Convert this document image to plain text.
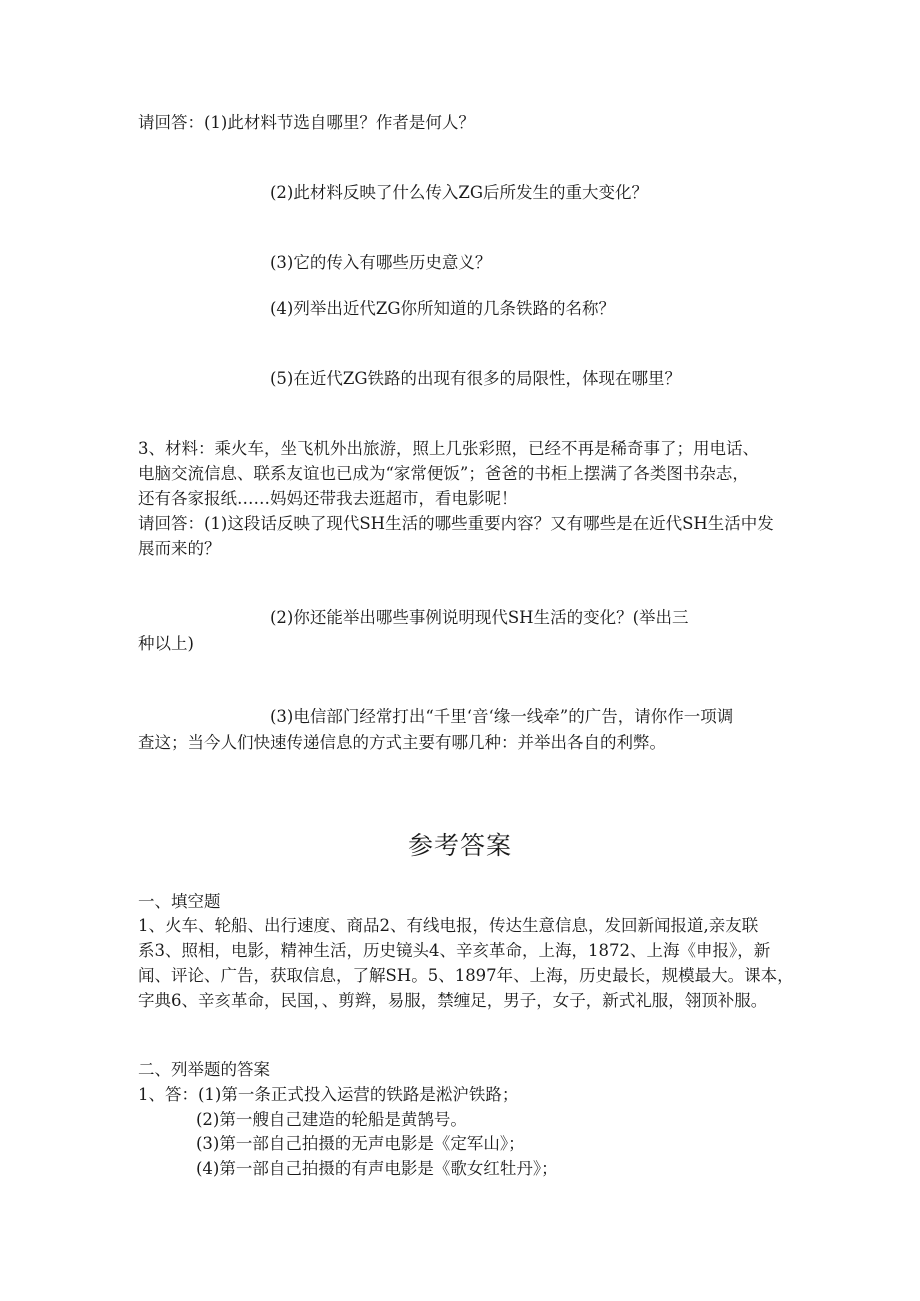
请回答：(1)此材料节选自哪里？作者是何人？
(2)此材料反映了什么传入ZG后所发生的重大变化？
(3)它的传入有哪些历史意义？
(4)列举出近代ZG你所知道的几条铁路的名称？
(5)在近代ZG铁路的出现有很多的局限性，体现在哪里？
3、材料：乘火车，坐飞机外出旅游，照上几张彩照，已经不再是稀奇事了；用电话、
电脑交流信息、联系友谊也已成为“家常便饭”；爸爸的书柜上摆满了各类图书杂志，
还有各家报纸……妈妈还带我去逛超市，看电影呢！
请回答：(1)这段话反映了现代SH生活的哪些重要内容？又有哪些是在近代SH生活中发
展而来的？
(2)你还能举出哪些事例说明现代SH生活的变化？(举出三
种以上)
(3)电信部门经常打出“千里‘音‘缘一线牵”的广告，请你作一项调
查这；当今人们快速传递信息的方式主要有哪几种：并举出各自的利弊。
参考答案
一、填空题
1、火车、轮船、出行速度、商品2、有线电报，传达生意信息，发回新闻报道,亲友联
系3、照相，电影，精神生活，历史镜头4、辛亥革命，上海，1872、上海《申报》，新
闻、评论、广告，获取信息，了解SH。5、1897年、上海，历史最长，规模最大。课本，
字典6、辛亥革命，民国，、剪辫，易服，禁缠足，男子，女子，新式礼服，翎顶补服。
二、列举题的答案
1、答：(1)第一条正式投入运营的铁路是淞沪铁路；
(2)第一艘自己建造的轮船是黄鹄号。
(3)第一部自己拍摄的无声电影是《定军山》；
(4)第一部自己拍摄的有声电影是《歌女红牡丹》；
